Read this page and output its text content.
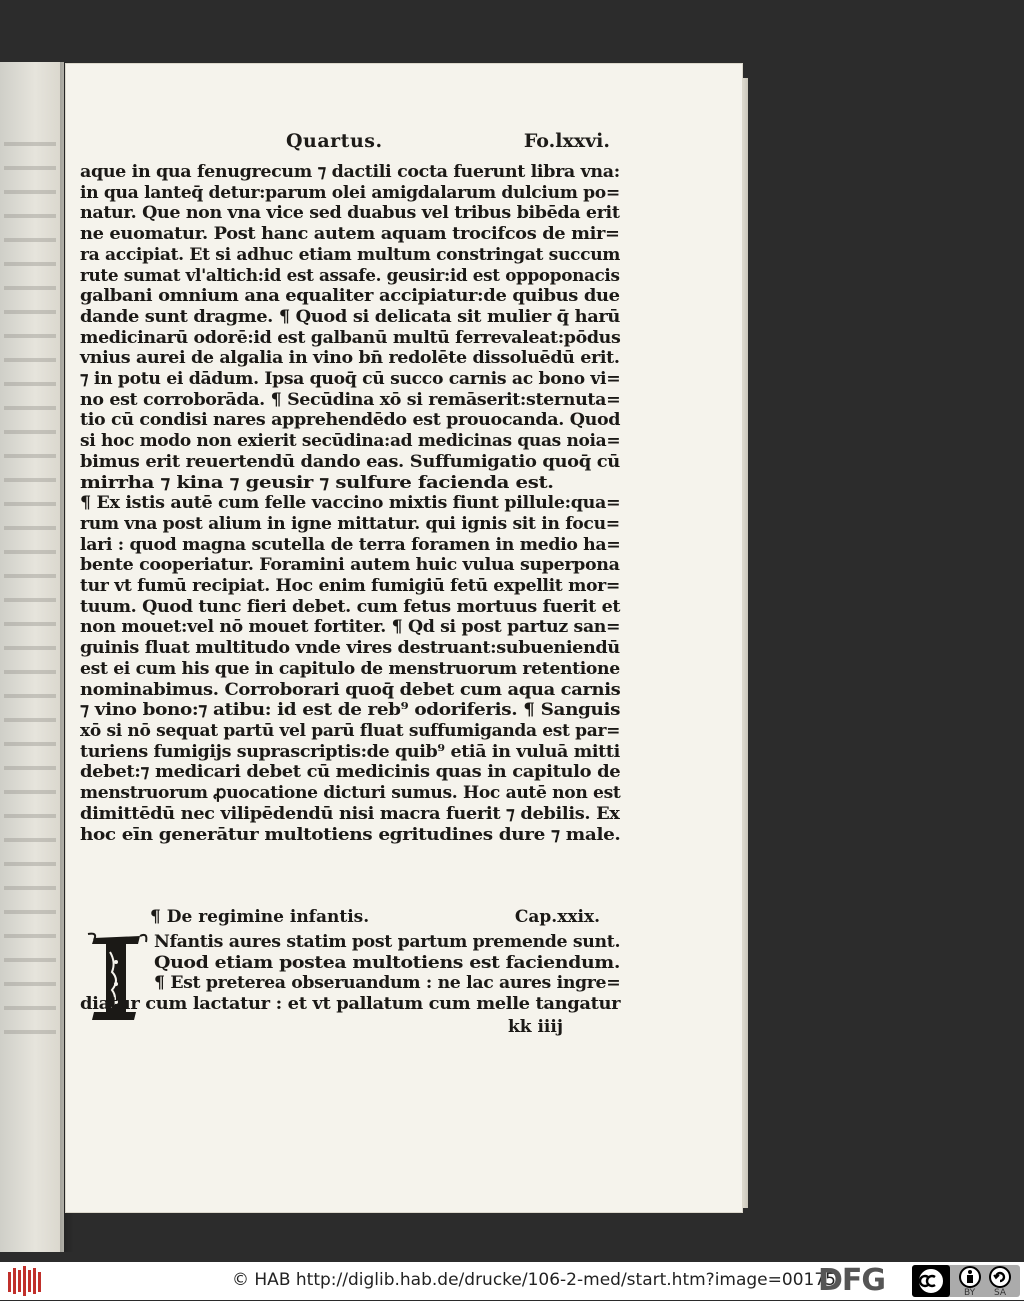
Quartus.	Fo.lxxvi.
aque in qua fenugrecum ⁊ dactili cocta fuerunt libra vna:
in qua lanteq̄ detur:parum olei amigdalarum dulcium po=
natur. Que non vna vice sed duabus vel tribus bibēda erit
ne euomatur. Post hanc autem aquam trocifcos de mir=
ra accipiat. Et si adhuc etiam multum constringat succum
rute sumat vl'altich:id est assafe. geusir:id est oppoponacis
galbani omnium ana equaliter accipiatur:de quibus due
dande sunt dragme. ¶ Quod si delicata sit mulier q̄ harū
medicinarū odorē:id est galbanū multū ferrevaleat:pōdus
vnius aurei de algalia in vino bn̄ redolēte dissoluēdū erit.
⁊ in potu ei dādum. Ipsa quoq̄ cū succo carnis ac bono vi=
no est corroborāda. ¶ Secūdina xō si remāserit:sternuta=
tio cū condisi nares apprehendēdo est prouocanda. Quod
si hoc modo non exierit secūdina:ad medicinas quas noia=
bimus erit reuertendū dando eas. Suffumigatio quoq̄ cū
mirrha ⁊ kina ⁊ geusir ⁊ sulfure facienda est.
¶ Ex istis autē cum felle vaccino mixtis fiunt pillule:qua=
rum vna post alium in igne mittatur. qui ignis sit in focu=
lari : quod magna scutella de terra foramen in medio ha=
bente cooperiatur. Foramini autem huic vulua superpona
tur vt fumū recipiat. Hoc enim fumigiū fetū expellit mor=
tuum. Quod tunc fieri debet. cum fetus mortuus fuerit et
non mouet:vel nō mouet fortiter. ¶ Qd si post partuz san=
guinis fluat multitudo vnde vires destruant:subueniendū
est ei cum his que in capitulo de menstruorum retentione
nominabimus. Corroborari quoq̄ debet cum aqua carnis
⁊ vino bono:⁊ atibu: id est de reb⁹ odoriferis. ¶ Sanguis
xō si nō sequat partū vel parū fluat suffumiganda est par=
turiens fumigijs suprascriptis:de quib⁹ etiā in vuluā mitti
debet:⁊ medicari debet cū medicinis quas in capitulo de
menstruorum ꝓuocatione dicturi sumus. Hoc autē non est
dimittēdū nec vilipēdendū nisi macra fuerit ⁊ debilis. Ex
hoc eīn generātur multotiens egritudines dure ⁊ male.
¶ De regimine infantis.	Cap.xxix.
Nfantis aures statim post partum premende sunt.
Quod etiam postea multotiens est faciendum.
¶ Est preterea obseruandum : ne lac aures ingre=
diatur cum lactatur : et vt pallatum cum melle tangatur
kk iiij
© HAB http://diglib.hab.de/drucke/106-2-med/start.htm?image=00175
DFG	BY SA
